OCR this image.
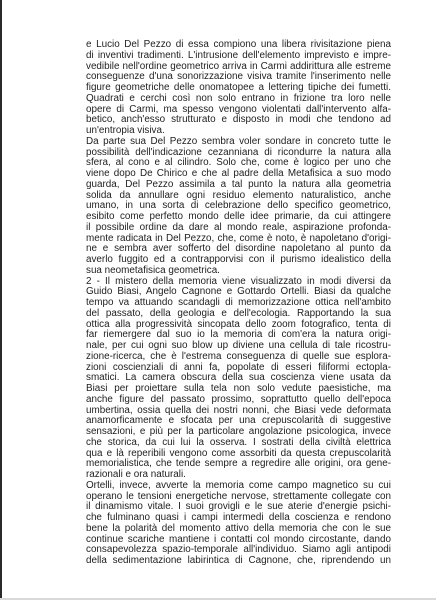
e Lucio Del Pezzo di essa compiono una libera rivisitazione piena
di inventivi tradimenti. L'intrusione dell'elemento imprevisto e impre-
vedibile nell'ordine geometrico arriva in Carmi addirittura alle estreme
conseguenze d'una sonorizzazione visiva tramite l'inserimento nelle
figure geometriche delle onomatopee a lettering tipiche dei fumetti.
Quadrati e cerchi così non solo entrano in frizione tra loro nelle
opere di Carmi, ma spesso vengono violentati dall'intervento alfa-
betico, anch'esso strutturato e disposto in modi che tendono ad
un'entropia visiva.
Da parte sua Del Pezzo sembra voler sondare in concreto tutte le
possibilità dell'indicazione cezanniana di ricondurre la natura alla
sfera, al cono e al cilindro. Solo che, come è logico per uno che
viene dopo De Chirico e che al padre della Metafisica a suo modo
guarda, Del Pezzo assimila a tal punto la natura alla geometria
solida da annullare ogni residuo elemento naturalistico, anche
umano, in una sorta di celebrazione dello specifico geometrico,
esibito come perfetto mondo delle idee primarie, da cui attingere
il possibile ordine da dare al mondo reale, aspirazione profonda-
mente radicata in Del Pezzo, che, come è noto, è napoletano d'origi-
ne e sembra aver sofferto del disordine napoletano al punto da
averlo fuggito ed a contrapporvisi con il purismo idealistico della
sua neometafisica geometrica.
2 - Il mistero della memoria viene visualizzato in modi diversi da
Guido Biasi, Angelo Cagnone e Gottardo Ortelli. Biasi da qualche
tempo va attuando scandagli di memorizzazione ottica nell'ambito
del passato, della geologia e dell'ecologia. Rapportando la sua
ottica alla progressività sincopata dello zoom fotografico, tenta di
far riemergere dal suo io la memoria di com'era la natura origi-
nale, per cui ogni suo blow up diviene una cellula di tale ricostru-
zione-ricerca, che è l'estrema conseguenza di quelle sue esplora-
zioni coscienziali di anni fa, popolate di esseri filiformi ectopla-
smatici. La camera obscura della sua coscienza viene usata da
Biasi per proiettare sulla tela non solo vedute paesistiche, ma
anche figure del passato prossimo, soprattutto quello dell'epoca
umbertina, ossia quella dei nostri nonni, che Biasi vede deformata
anamorficamente e sfocata per una crepuscolarità di suggestive
sensazioni, e più per la particolare angolazione psicologica, invece
che storica, da cui lui la osserva. I sostrati della civiltà elettrica
qua e là reperibili vengono come assorbiti da questa crepuscolarità
memorialistica, che tende sempre a regredire alle origini, ora gene-
razionali e ora naturali.
Ortelli, invece, avverte la memoria come campo magnetico su cui
operano le tensioni energetiche nervose, strettamente collegate con
il dinamismo vitale. I suoi grovigli e le sue aterie d'energie psichi-
che fulminano quasi i campi intermedi della coscienza e rendono
bene la polarità del momento attivo della memoria che con le sue
continue scariche mantiene i contatti col mondo circostante, dando
consapevolezza spazio-temporale all'individuo. Siamo agli antipodi
della sedimentazione labirintica di Cagnone, che, riprendendo un
